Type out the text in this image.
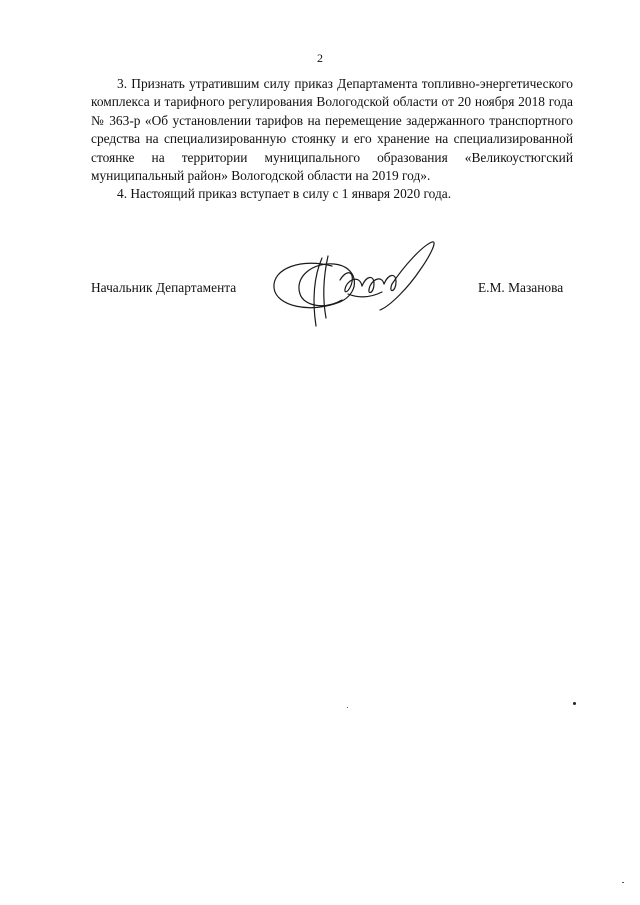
2

3. Признать утратившим силу приказ Департамента топливно-энергетического комплекса и тарифного регулирования Вологодской области от 20 ноября 2018 года № 363-р «Об установлении тарифов на перемещение задержанного транспортного средства на специализированную стоянку и его хранение на специализированной стоянке на территории муниципального образования «Великоустюгский муниципальный район» Вологодской области на 2019 год».

4. Настоящий приказ вступает в силу с 1 января 2020 года.

Начальник Департамента	Е.М. Мазанова
